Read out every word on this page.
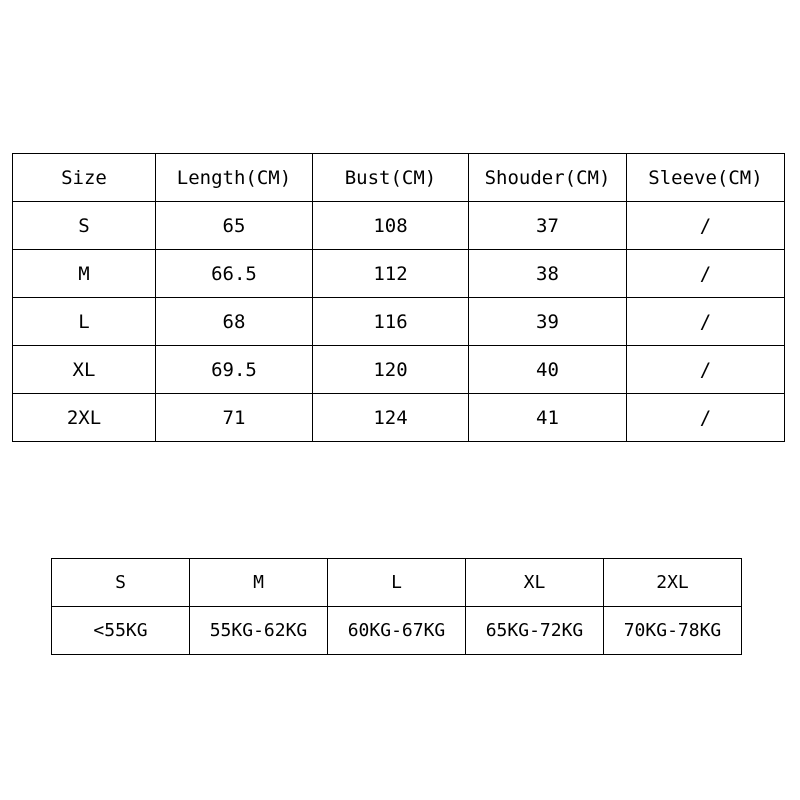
Size	Length(CM)	Bust(CM)	Shouder(CM)	Sleeve(CM)
S	65	108	37	/
M	66.5	112	38	/
L	68	116	39	/
XL	69.5	120	40	/
2XL	71	124	41	/
S	M	L	XL	2XL
<55KG	55KG-62KG	60KG-67KG	65KG-72KG	70KG-78KG
